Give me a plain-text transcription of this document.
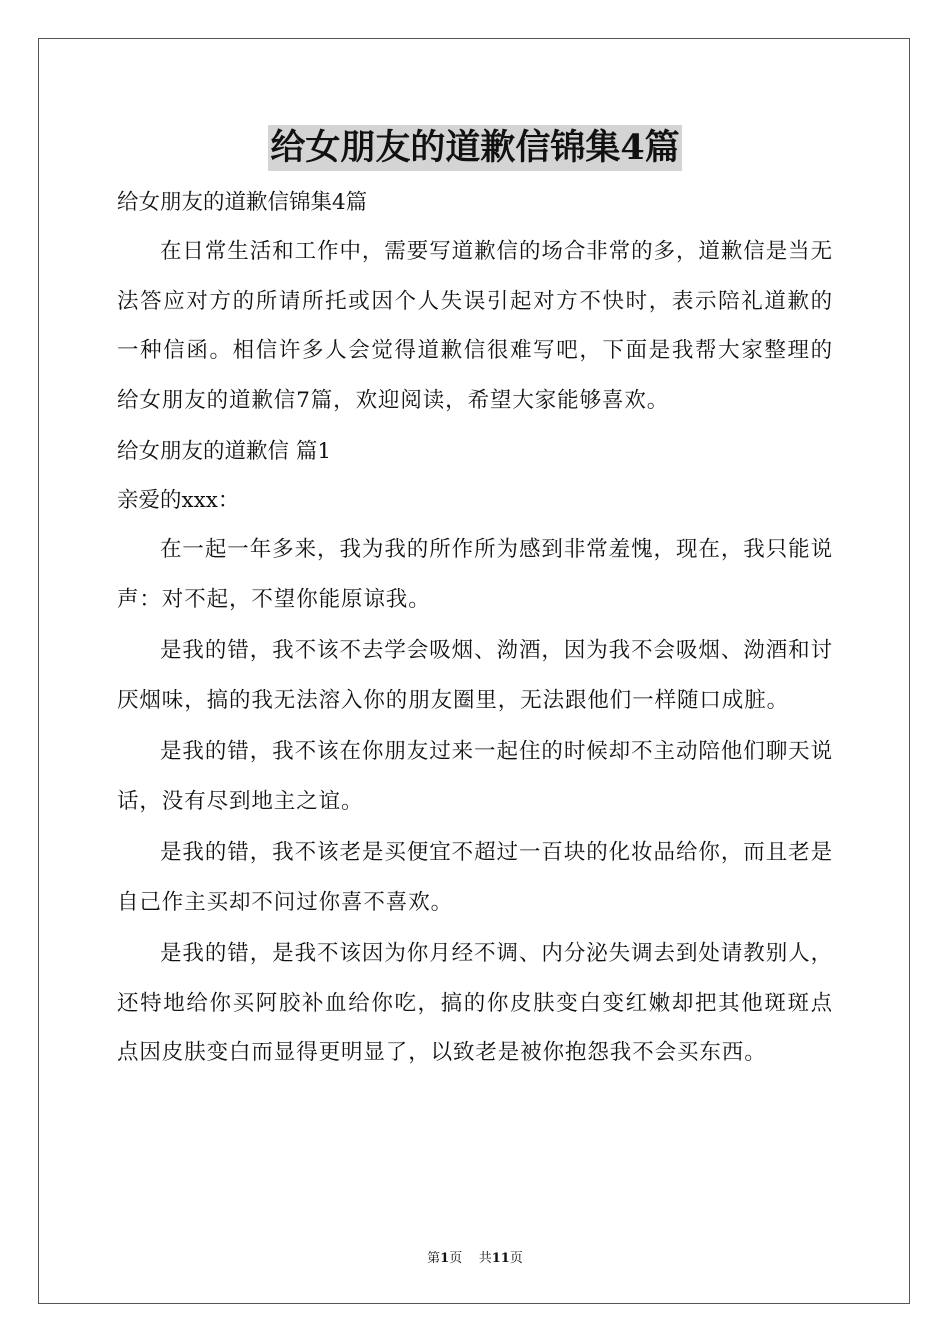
给女朋友的道歉信锦集4篇

给女朋友的道歉信锦集4篇

在日常生活和工作中，需要写道歉信的场合非常的多，道歉信是当无法答应对方的所请所托或因个人失误引起对方不快时，表示陪礼道歉的一种信函。相信许多人会觉得道歉信很难写吧，下面是我帮大家整理的给女朋友的道歉信7篇，欢迎阅读，希望大家能够喜欢。

给女朋友的道歉信 篇1

亲爱的xxx：

在一起一年多来，我为我的所作所为感到非常羞愧，现在，我只能说声：对不起，不望你能原谅我。

是我的错，我不该不去学会吸烟、泑酒，因为我不会吸烟、泑酒和讨厌烟味，搞的我无法溶入你的朋友圈里，无法跟他们一样随口成脏。

是我的错，我不该在你朋友过来一起住的时候却不主动陪他们聊天说话，没有尽到地主之谊。

是我的错，我不该老是买便宜不超过一百块的化妆品给你，而且老是自己作主买却不问过你喜不喜欢。

是我的错，是我不该因为你月经不调、内分泌失调去到处请教别人，还特地给你买阿胶补血给你吃，搞的你皮肤变白变红嫩却把其他斑斑点点因皮肤变白而显得更明显了，以致老是被你抱怨我不会买东西。

第1页 共11页
